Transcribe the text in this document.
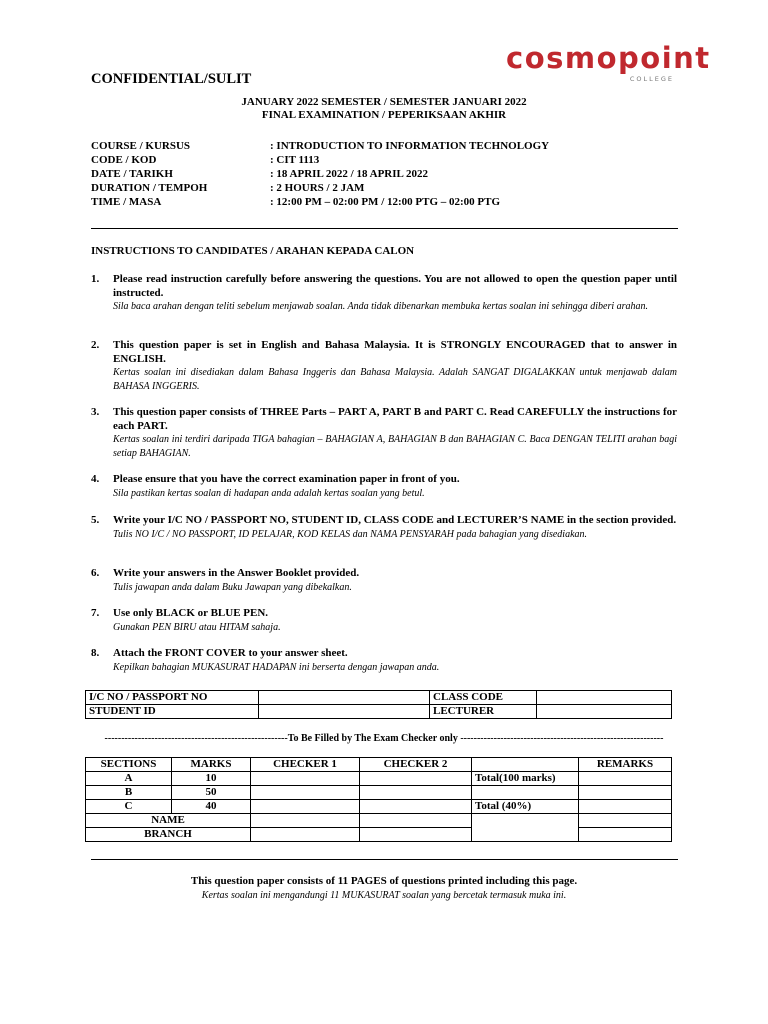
cosmopoint
COLLEGE
CONFIDENTIAL/SULIT
JANUARY 2022 SEMESTER / SEMESTER JANUARI 2022
FINAL EXAMINATION / PEPERIKSAAN AKHIR
COURSE / KURSUS	: INTRODUCTION TO INFORMATION TECHNOLOGY
CODE / KOD	: CIT 1113
DATE / TARIKH	: 18 APRIL 2022 / 18 APRIL 2022
DURATION / TEMPOH	: 2 HOURS / 2 JAM
TIME / MASA	: 12:00 PM – 02:00 PM / 12:00 PTG – 02:00 PTG
INSTRUCTIONS TO CANDIDATES / ARAHAN KEPADA CALON
1. Please read instruction carefully before answering the questions. You are not allowed to open the question paper until instructed.
Sila baca arahan dengan teliti sebelum menjawab soalan. Anda tidak dibenarkan membuka kertas soalan ini sehingga diberi arahan.
2. This question paper is set in English and Bahasa Malaysia. It is STRONGLY ENCOURAGED that to answer in ENGLISH.
Kertas soalan ini disediakan dalam Bahasa Inggeris dan Bahasa Malaysia. Adalah SANGAT DIGALAKKAN untuk menjawab dalam BAHASA INGGERIS.
3. This question paper consists of THREE Parts – PART A, PART B and PART C. Read CAREFULLY the instructions for each PART.
Kertas soalan ini terdiri daripada TIGA bahagian – BAHAGIAN A, BAHAGIAN B dan BAHAGIAN C. Baca DENGAN TELITI arahan bagi setiap BAHAGIAN.
4. Please ensure that you have the correct examination paper in front of you.
Sila pastikan kertas soalan di hadapan anda adalah kertas soalan yang betul.
5. Write your I/C NO / PASSPORT NO, STUDENT ID, CLASS CODE and LECTURER’S NAME in the section provided.
Tulis NO I/C / NO PASSPORT, ID PELAJAR, KOD KELAS dan NAMA PENSYARAH pada bahagian yang disediakan.
6. Write your answers in the Answer Booklet provided.
Tulis jawapan anda dalam Buku Jawapan yang dibekalkan.
7. Use only BLACK or BLUE PEN.
Gunakan PEN BIRU atau HITAM sahaja.
8. Attach the FRONT COVER to your answer sheet.
Kepilkan bahagian MUKASURAT HADAPAN ini berserta dengan jawapan anda.
I/C NO / PASSPORT NO		CLASS CODE	
STUDENT ID		LECTURER	
-------------------------------------------------------To Be Filled by The Exam Checker only -------------------------------------------------------------
SECTIONS	MARKS	CHECKER 1	CHECKER 2		REMARKS
A	10			Total(100 marks)	
B	50				
C	40			Total (40%)	
NAME					
BRANCH					
This question paper consists of 11 PAGES of questions printed including this page.
Kertas soalan ini mengandungi 11 MUKASURAT soalan yang bercetak termasuk muka ini.
